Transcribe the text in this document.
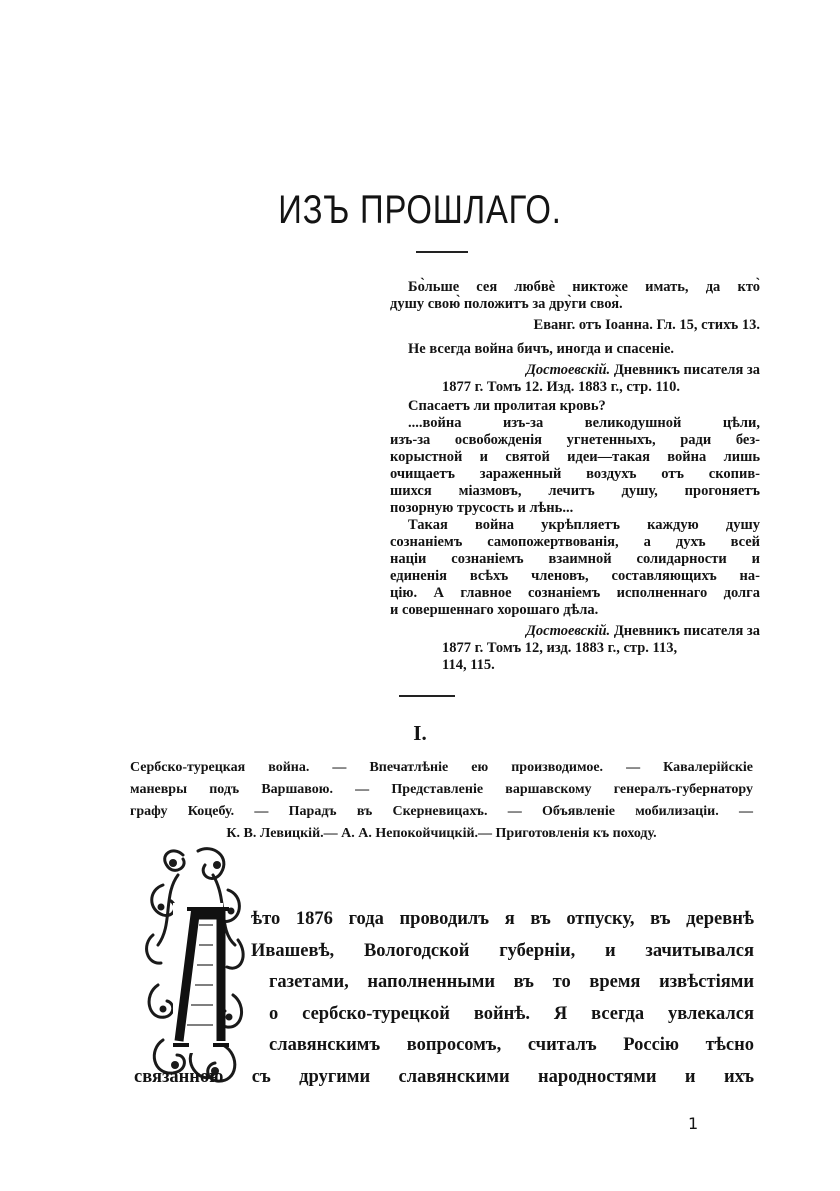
ИЗЪ ПРОШЛАГО.

Бо̀льше сея любвѐ никтоже имать, да кто̀

душу свою̀ положитъ за дру̀ги своя̀.

Еванг. отъ Іоанна. Гл. 15, стихъ 13.

Не всегда война бичъ, иногда и спасеніе.

Достоевскій. Дневникъ писателя за

1877 г. Томъ 12. Изд. 1883 г., стр. 110.

Спасаетъ ли пролитая кровь?

....война изъ-за великодушной цѣли,

изъ-за освобожденія угнетенныхъ, ради без-

корыстной и святой идеи—такая война лишь

очищаетъ зараженный воздухъ отъ скопив-

шихся міазмовъ, лечитъ душу, прогоняетъ

позорную трусость и лѣнь...

Такая война укрѣпляетъ каждую душу

сознаніемъ самопожертвованія, а духъ всей

націи сознаніемъ взаимной солидарности и

единенія всѣхъ членовъ, составляющихъ на-

цію. А главное сознаніемъ исполненнаго долга

и совершеннаго хорошаго дѣла.

Достоевскій. Дневникъ писателя за

1877 г. Томъ 12, изд. 1883 г., стр. 113,

114, 115.

I.
Сербско-турецкая война. — Впечатлѣніе ею производимое. — Кавалерійскіе
маневры подъ Варшавою. — Представленіе варшавскому генералъ-губернатору
графу Коцебу. — Парадъ въ Скерневицахъ. — Объявленіе мобилизаціи. —
К. В. Левицкій.— А. А. Непокойчицкій.— Приготовленія къ походу.
ѣто 1876 года проводилъ я въ отпуску, въ деревнѣ
Ивашевѣ, Вологодской губерніи, и зачитывался
газетами, наполненными въ то время извѣстіями
о сербско-турецкой войнѣ. Я всегда увлекался
славянскимъ вопросомъ, считалъ Россію тѣсно
связанною съ другими славянскими народностями и ихъ
1
